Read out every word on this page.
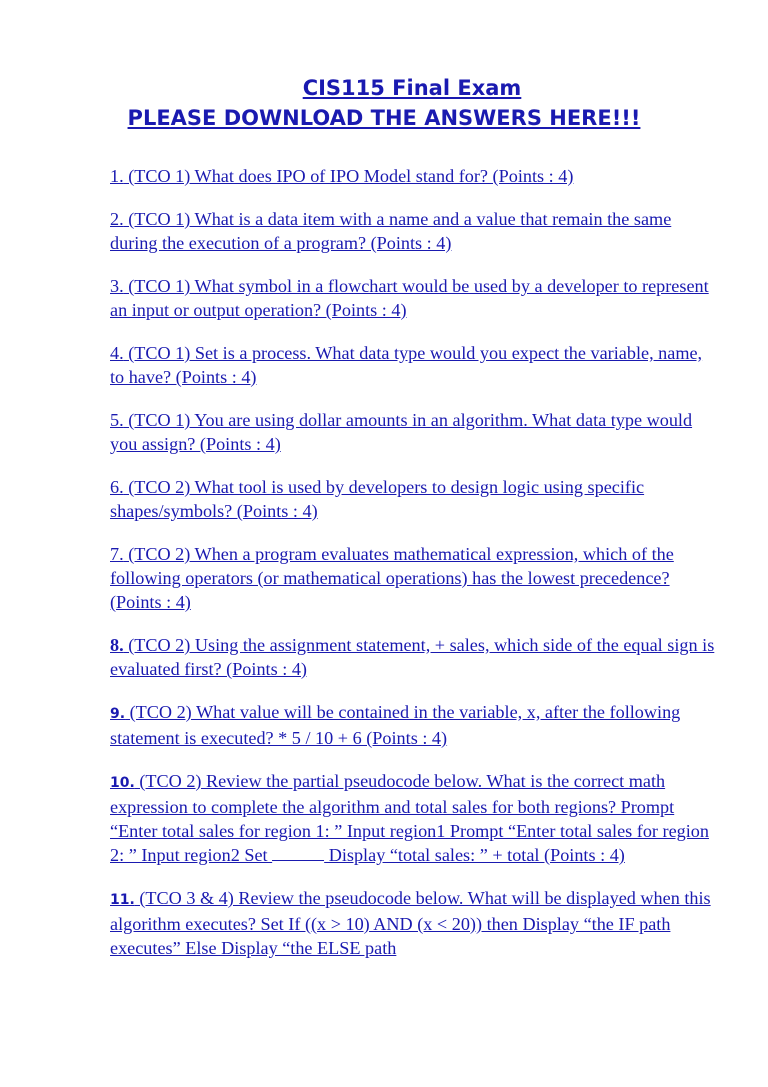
CIS115 Final Exam
PLEASE DOWNLOAD THE ANSWERS HERE!!!
1. (TCO 1) What does IPO of IPO Model stand for? (Points : 4)
2. (TCO 1) What is a data item with a name and a value that remain the same during the execution of a program? (Points : 4)
3. (TCO 1) What symbol in a flowchart would be used by a developer to represent an input or output operation? (Points : 4)
4. (TCO 1) Set is a process. What data type would you expect the variable, name, to have? (Points : 4)
5. (TCO 1) You are using dollar amounts in an algorithm. What data type would you assign? (Points : 4)
6. (TCO 2) What tool is used by developers to design logic using specific shapes/symbols? (Points : 4)
7. (TCO 2) When a program evaluates mathematical expression, which of the following operators (or mathematical operations) has the lowest precedence? (Points : 4)
8. (TCO 2) Using the assignment statement, + sales, which side of the equal sign is evaluated first? (Points : 4)
9. (TCO 2) What value will be contained in the variable, x, after the following statement is executed? * 5 / 10 + 6 (Points : 4)
10. (TCO 2) Review the partial pseudocode below. What is the correct math expression to complete the algorithm and total sales for both regions? Prompt “Enter total sales for region 1: ” Input region1 Prompt “Enter total sales for region 2: ” Input region2 Set	Display “total sales: ” + total (Points : 4)
11. (TCO 3 & 4) Review the pseudocode below. What will be displayed when this algorithm executes? Set If ((x > 10) AND (x < 20)) then Display “the IF path executes” Else Display “the ELSE path
